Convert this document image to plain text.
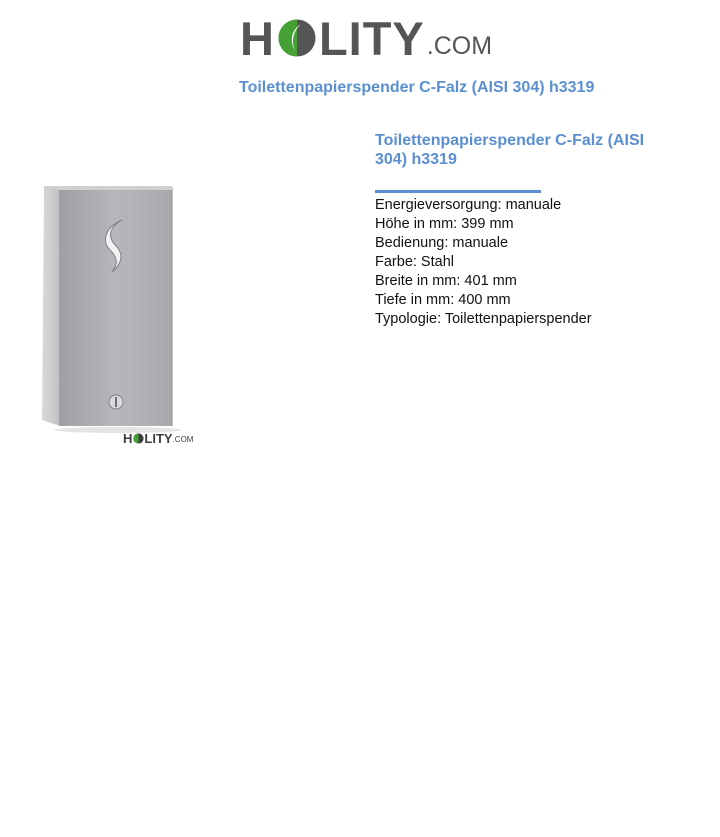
H LITY .COM
Toilettenpapierspender C-Falz (AISI 304) h3319
H LITY .COM
Toilettenpapierspender C-Falz (AISI 304) h3319
Energieversorgung: manuale
Höhe in mm: 399 mm
Bedienung: manuale
Farbe: Stahl
Breite in mm: 401 mm
Tiefe in mm: 400 mm
Typologie: Toilettenpapierspender
